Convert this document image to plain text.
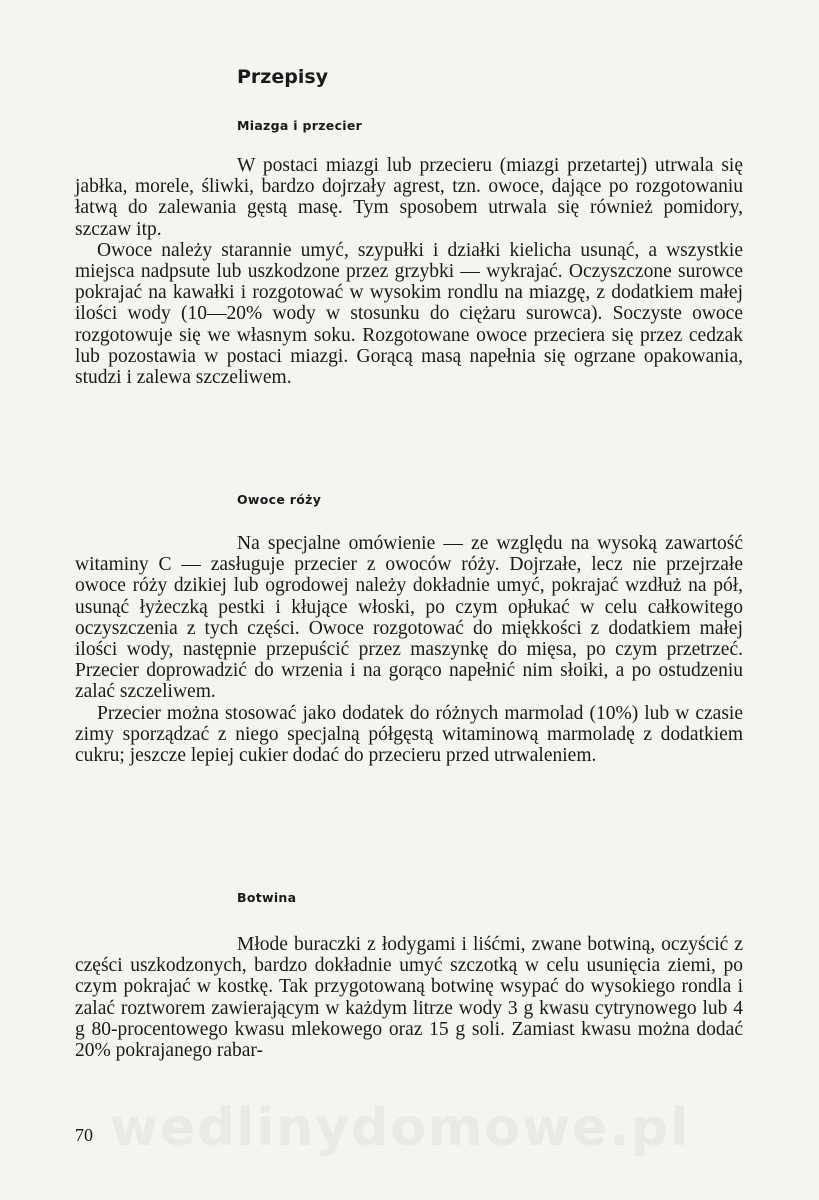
Przepisy
Miazga i przecier

W postaci miazgi lub przecieru (miazgi przetartej) utrwala się jabłka, morele, śliwki, bardzo dojrzały agrest, tzn. owoce, dające po rozgotowaniu łatwą do zalewania gęstą masę. Tym sposobem utrwala się również pomidory, szczaw itp.

Owoce należy starannie umyć, szypułki i działki kielicha usunąć, a wszystkie miejsca nadpsute lub uszkodzone przez grzybki — wykrajać. Oczyszczone surowce pokrajać na kawałki i rozgotować w wysokim rondlu na miazgę, z dodatkiem małej ilości wody (10—20% wody w stosunku do ciężaru surowca). Soczyste owoce rozgotowuje się we własnym soku. Rozgotowane owoce przeciera się przez cedzak lub pozostawia w postaci miazgi. Gorącą masą napełnia się ogrzane opakowania, studzi i zalewa szczeliwem.

Owoce róży

Na specjalne omówienie — ze względu na wysoką zawartość witaminy C — zasługuje przecier z owoców róży. Dojrzałe, lecz nie przejrzałe owoce róży dzikiej lub ogrodowej należy dokładnie umyć, pokrajać wzdłuż na pół, usunąć łyżeczką pestki i kłujące włoski, po czym opłukać w celu całkowitego oczyszczenia z tych części. Owoce rozgotować do miękkości z dodatkiem małej ilości wody, następnie przepuścić przez maszynkę do mięsa, po czym przetrzeć. Przecier doprowadzić do wrzenia i na gorąco napełnić nim słoiki, a po ostudzeniu zalać szczeliwem.

Przecier można stosować jako dodatek do różnych marmolad (10%) lub w czasie zimy sporządzać z niego specjalną półgęstą witaminową marmoladę z dodatkiem cukru; jeszcze lepiej cukier dodać do przecieru przed utrwaleniem.

Botwina

Młode buraczki z łodygami i liśćmi, zwane botwiną, oczyścić z części uszkodzonych, bardzo dokładnie umyć szczotką w celu usunięcia ziemi, po czym pokrajać w kostkę. Tak przygotowaną botwinę wsypać do wysokiego rondla i zalać roztworem zawierającym w każdym litrze wody 3 g kwasu cytrynowego lub 4 g 80-procentowego kwasu mlekowego oraz 15 g soli. Zamiast kwasu można dodać 20% pokrajanego rabar-

wedlinydomowe.pl
70
